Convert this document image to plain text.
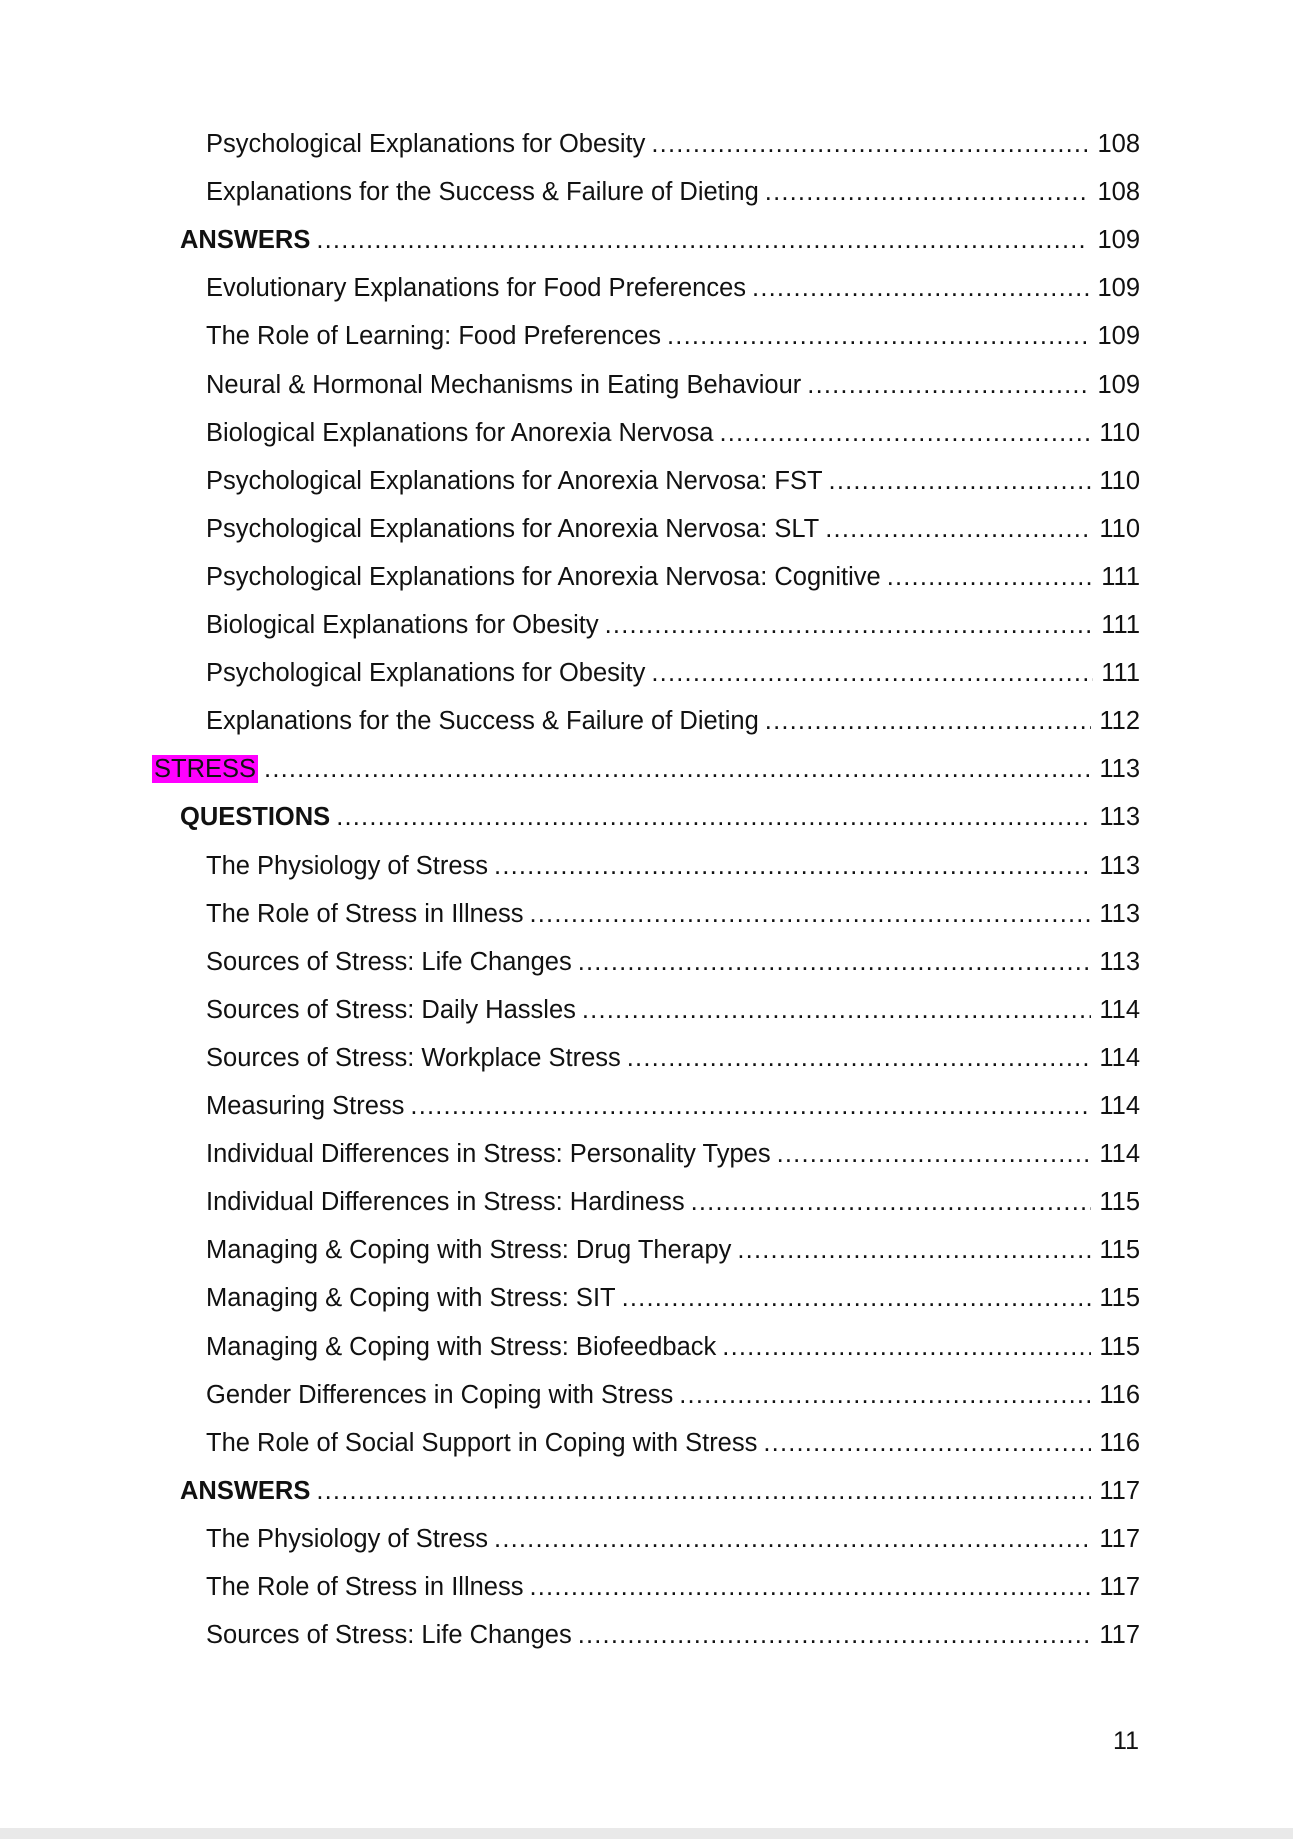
Psychological Explanations for Obesity .....	108
Explanations for the Success & Failure of Dieting .....	108
ANSWERS .....	109
Evolutionary Explanations for Food Preferences .....	109
The Role of Learning: Food Preferences .....	109
Neural & Hormonal Mechanisms in Eating Behaviour .....	109
Biological Explanations for Anorexia Nervosa .....	110
Psychological Explanations for Anorexia Nervosa: FST .....	110
Psychological Explanations for Anorexia Nervosa: SLT .....	110
Psychological Explanations for Anorexia Nervosa: Cognitive .....	111
Biological Explanations for Obesity .....	111
Psychological Explanations for Obesity .....	111
Explanations for the Success & Failure of Dieting .....	112
STRESS .....	113
QUESTIONS .....	113
The Physiology of Stress .....	113
The Role of Stress in Illness .....	113
Sources of Stress: Life Changes .....	113
Sources of Stress: Daily Hassles .....	114
Sources of Stress: Workplace Stress .....	114
Measuring Stress .....	114
Individual Differences in Stress: Personality Types .....	114
Individual Differences in Stress: Hardiness .....	115
Managing & Coping with Stress: Drug Therapy .....	115
Managing & Coping with Stress: SIT .....	115
Managing & Coping with Stress: Biofeedback .....	115
Gender Differences in Coping with Stress .....	116
The Role of Social Support in Coping with Stress .....	116
ANSWERS .....	117
The Physiology of Stress .....	117
The Role of Stress in Illness .....	117
Sources of Stress: Life Changes .....	117
11
